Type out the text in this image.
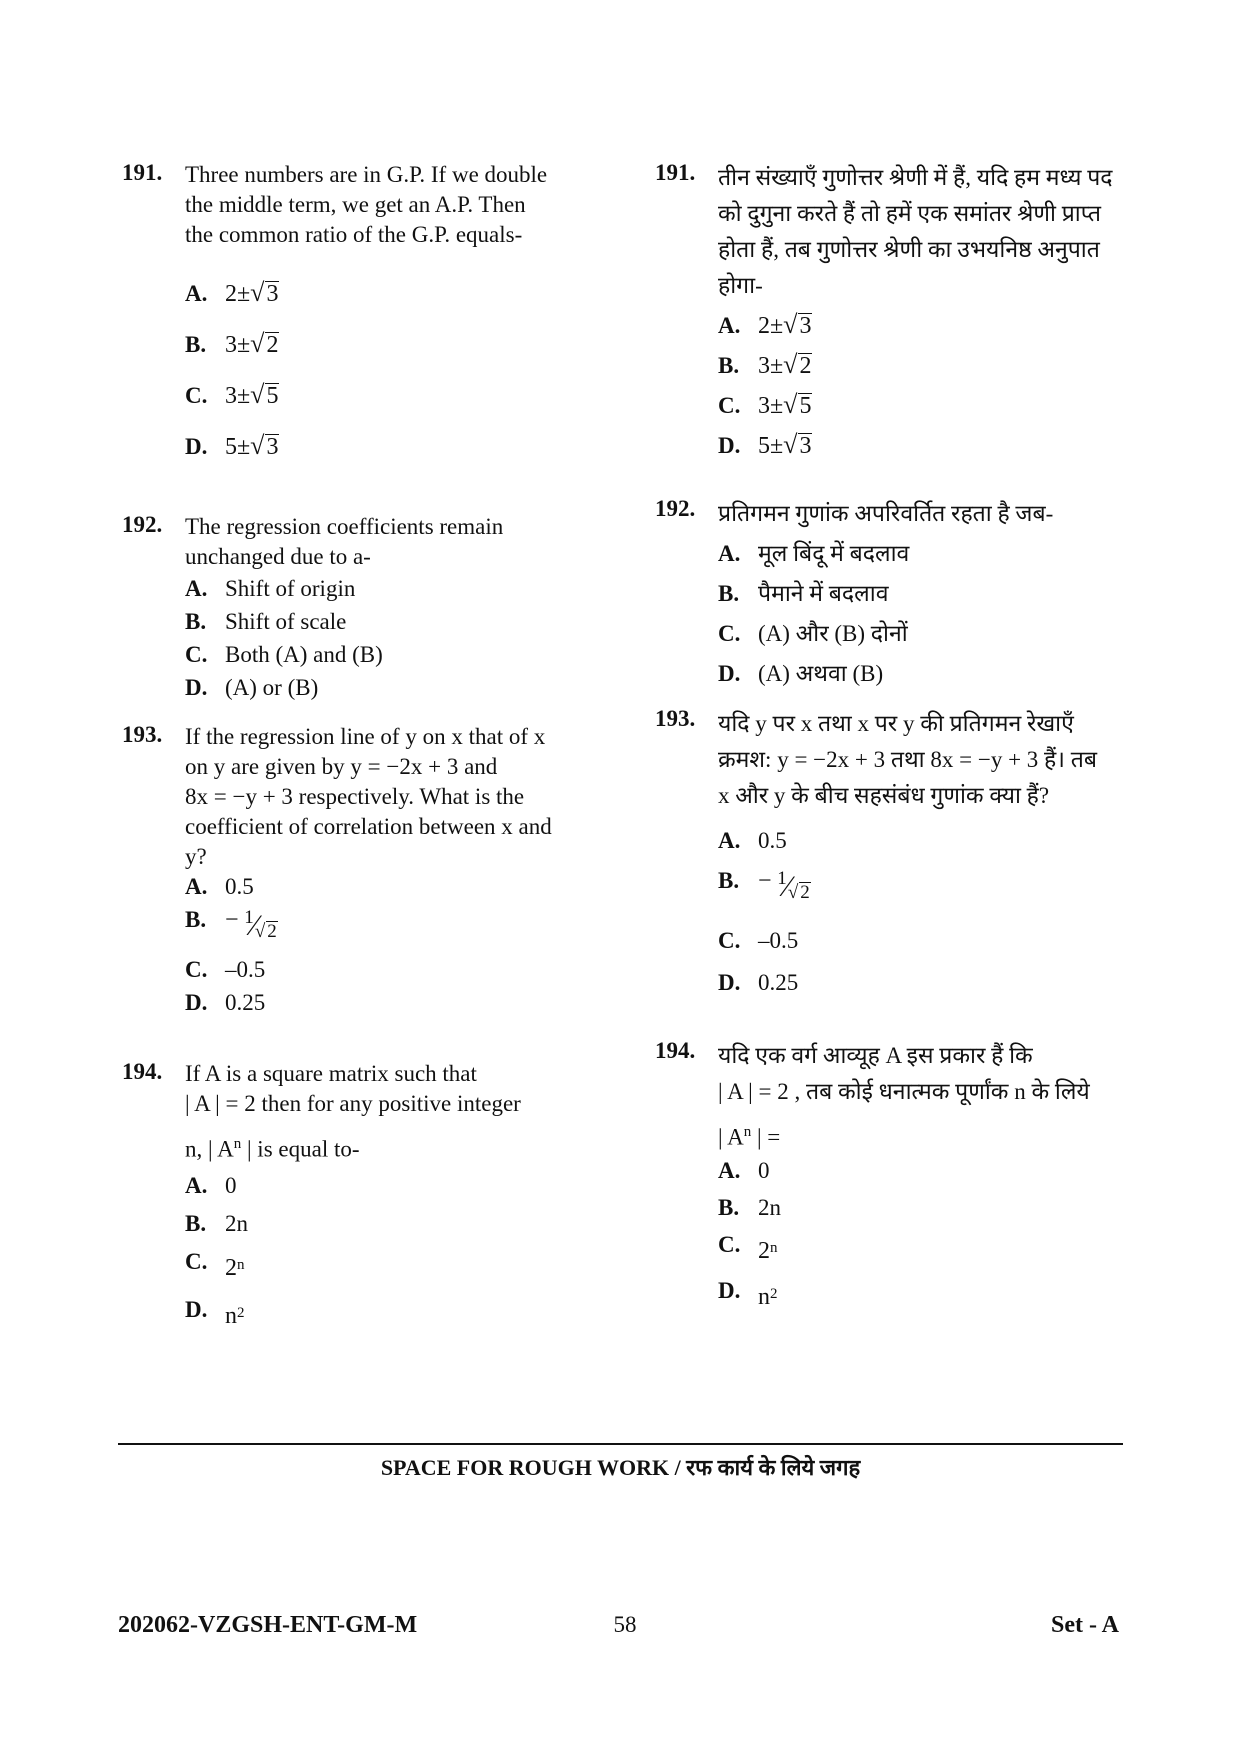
191. Three numbers are in G.P. If we double
the middle term, we get an A.P. Then
the common ratio of the G.P. equals-
A. 2±√3
B. 3±√2
C. 3±√5
D. 5±√3
192. The regression coefficients remain
unchanged due to a-
A. Shift of origin
B. Shift of scale
C. Both (A) and (B)
D. (A) or (B)
193. If the regression line of y on x that of x
on y are given by y = −2x + 3 and
8x = −y + 3 respectively. What is the
coefficient of correlation between x and
y?
A. 0.5
B. −
1
⁄
√ 2
C. –0.5
D. 0.25
194. If A is a square matrix such that
| A | = 2 then for any positive integer
n, | $A^n$ | is equal to-
A. 0
B. 2n
C. 2 n
D. n 2
191. तीन संख्याएँ गुणोत्तर श्रेणी में हैं, यदि हम मध्य पद
को दुगुना करते हैं तो हमें एक समांतर श्रेणी प्राप्त
होता हैं, तब गुणोत्तर श्रेणी का उभयनिष्ठ अनुपात
होगा-
A. 2±√3
B. 3±√2
C. 3±√5
D. 5±√3
192. प्रतिगमन गुणांक अपरिवर्तित रहता है जब-
A. मूल बिंदू में बदलाव
B. पैमाने में बदलाव
C. (A) और (B) दोनों
D. (A) अथवा (B)
193. यदि y पर x तथा x पर y की प्रतिगमन रेखाएँ
क्रमश: y = −2x + 3 तथा 8x = −y + 3 हैं। तब
x और y के बीच सहसंबंध गुणांक क्या हैं?
A. 0.5
B. −
1
⁄
√ 2
C. –0.5
D. 0.25
194. यदि एक वर्ग आव्यूह A इस प्रकार हैं कि
| A | = 2 , तब कोई धनात्मक पूर्णांक n के लिये
| $A^n$ | =
A. 0
B. 2n
C. 2 n
D. n 2
SPACE FOR ROUGH WORK / रफ कार्य के लिये जगह
202062-VZGSH-ENT-GM-M	58	Set - A
